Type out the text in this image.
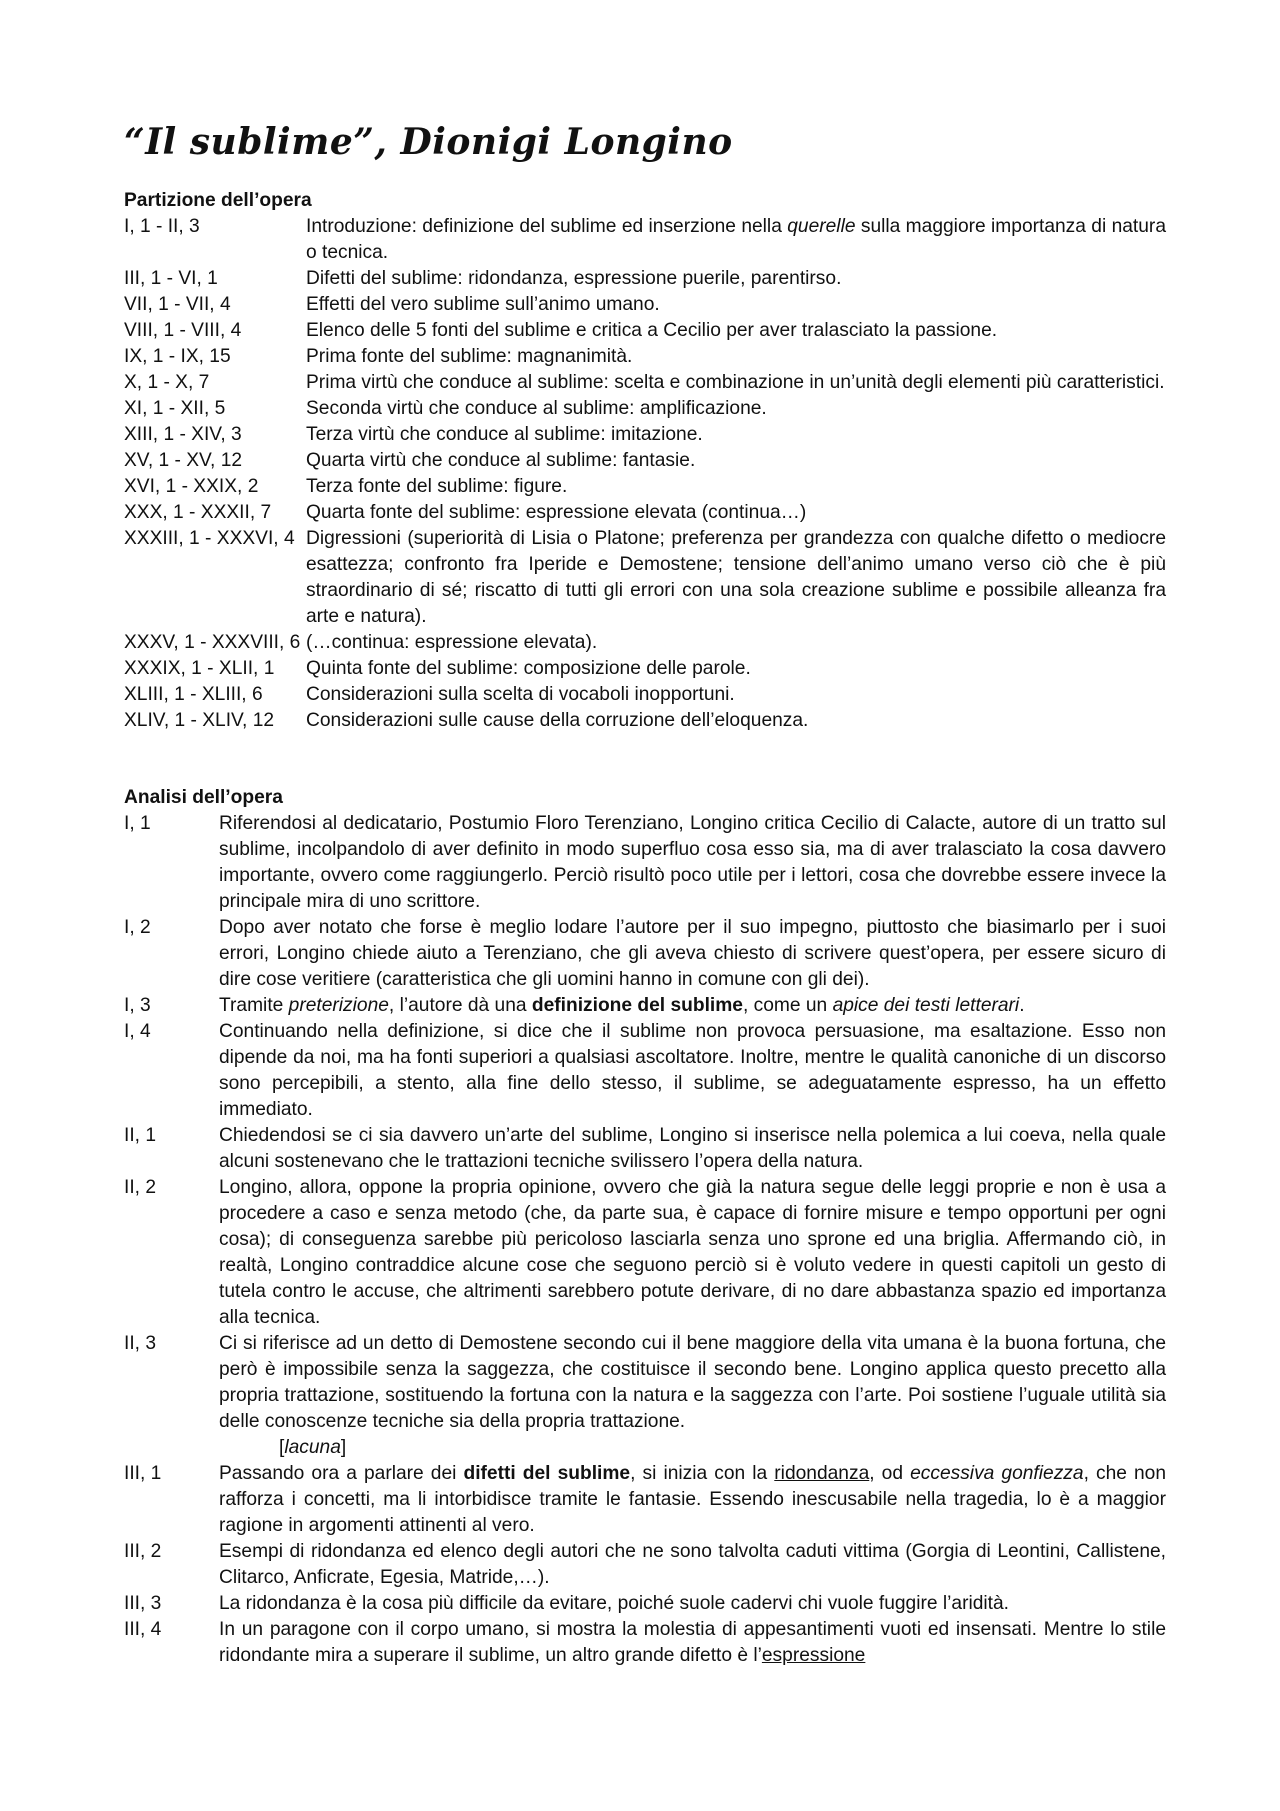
“Il sublime”, Dionigi Longino
Partizione dell’opera
I, 1 - II, 3	Introduzione: definizione del sublime ed inserzione nella querelle sulla maggiore importanza di natura o tecnica.
III, 1 - VI, 1	Difetti del sublime: ridondanza, espressione puerile, parentirso.
VII, 1 - VII, 4	Effetti del vero sublime sull’animo umano.
VIII, 1 - VIII, 4	Elenco delle 5 fonti del sublime e critica a Cecilio per aver tralasciato la passione.
IX, 1 - IX, 15	Prima fonte del sublime: magnanimità.
X, 1 - X, 7	Prima virtù che conduce al sublime: scelta e combinazione in un’unità degli elementi più caratteristici.
XI, 1 - XII, 5	Seconda virtù che conduce al sublime: amplificazione.
XIII, 1 - XIV, 3	Terza virtù che conduce al sublime: imitazione.
XV, 1 - XV, 12	Quarta virtù che conduce al sublime: fantasie.
XVI, 1 - XXIX, 2	Terza fonte del sublime: figure.
XXX, 1 - XXXII, 7	Quarta fonte del sublime: espressione elevata (continua…)
XXXIII, 1 - XXXVI, 4 Digressioni (superiorità di Lisia o Platone; preferenza per grandezza con qualche difetto o mediocre esattezza; confronto fra Iperide e Demostene; tensione dell’animo umano verso ciò che è più straordinario di sé; riscatto di tutti gli errori con una sola creazione sublime e possibile alleanza fra arte e natura).
XXXV, 1 - XXXVIII, 6 (…continua: espressione elevata).
XXXIX, 1 - XLII, 1	Quinta fonte del sublime: composizione delle parole.
XLIII, 1 - XLIII, 6	Considerazioni sulla scelta di vocaboli inopportuni.
XLIV, 1 - XLIV, 12	Considerazioni sulle cause della corruzione dell’eloquenza.
Analisi dell’opera
I, 1	Riferendosi al dedicatario, Postumio Floro Terenziano, Longino critica Cecilio di Calacte, autore di un tratto sul sublime, incolpandolo di aver definito in modo superfluo cosa esso sia, ma di aver tralasciato la cosa davvero importante, ovvero come raggiungerlo. Perciò risultò poco utile per i lettori, cosa che dovrebbe essere invece la principale mira di uno scrittore.
I, 2	Dopo aver notato che forse è meglio lodare l’autore per il suo impegno, piuttosto che biasimarlo per i suoi errori, Longino chiede aiuto a Terenziano, che gli aveva chiesto di scrivere quest’opera, per essere sicuro di dire cose veritiere (caratteristica che gli uomini hanno in comune con gli dei).
I, 3	Tramite preterizione, l’autore dà una definizione del sublime, come un apice dei testi letterari.
I, 4	Continuando nella definizione, si dice che il sublime non provoca persuasione, ma esaltazione. Esso non dipende da noi, ma ha fonti superiori a qualsiasi ascoltatore. Inoltre, mentre le qualità canoniche di un discorso sono percepibili, a stento, alla fine dello stesso, il sublime, se adeguatamente espresso, ha un effetto immediato.
II, 1	Chiedendosi se ci sia davvero un’arte del sublime, Longino si inserisce nella polemica a lui coeva, nella quale alcuni sostenevano che le trattazioni tecniche svilissero l’opera della natura.
II, 2	Longino, allora, oppone la propria opinione, ovvero che già la natura segue delle leggi proprie e non è usa a procedere a caso e senza metodo (che, da parte sua, è capace di fornire misure e tempo opportuni per ogni cosa); di conseguenza sarebbe più pericoloso lasciarla senza uno sprone ed una briglia. Affermando ciò, in realtà, Longino contraddice alcune cose che seguono perciò si è voluto vedere in questi capitoli un gesto di tutela contro le accuse, che altrimenti sarebbero potute derivare, di no dare abbastanza spazio ed importanza alla tecnica.
II, 3	Ci si riferisce ad un detto di Demostene secondo cui il bene maggiore della vita umana è la buona fortuna, che però è impossibile senza la saggezza, che costituisce il secondo bene. Longino applica questo precetto alla propria trattazione, sostituendo la fortuna con la natura e la saggezza con l’arte. Poi sostiene l’uguale utilità sia delle conoscenze tecniche sia della propria trattazione.
[lacuna]
III, 1	Passando ora a parlare dei difetti del sublime, si inizia con la ridondanza, od eccessiva gonfiezza, che non rafforza i concetti, ma li intorbidisce tramite le fantasie. Essendo inescusabile nella tragedia, lo è a maggior ragione in argomenti attinenti al vero.
III, 2	Esempi di ridondanza ed elenco degli autori che ne sono talvolta caduti vittima (Gorgia di Leontini, Callistene, Clitarco, Anficrate, Egesia, Matride,…).
III, 3	La ridondanza è la cosa più difficile da evitare, poiché suole cadervi chi vuole fuggire l’aridità.
III, 4	In un paragone con il corpo umano, si mostra la molestia di appesantimenti vuoti ed insensati. Mentre lo stile ridondante mira a superare il sublime, un altro grande difetto è l’espressione
